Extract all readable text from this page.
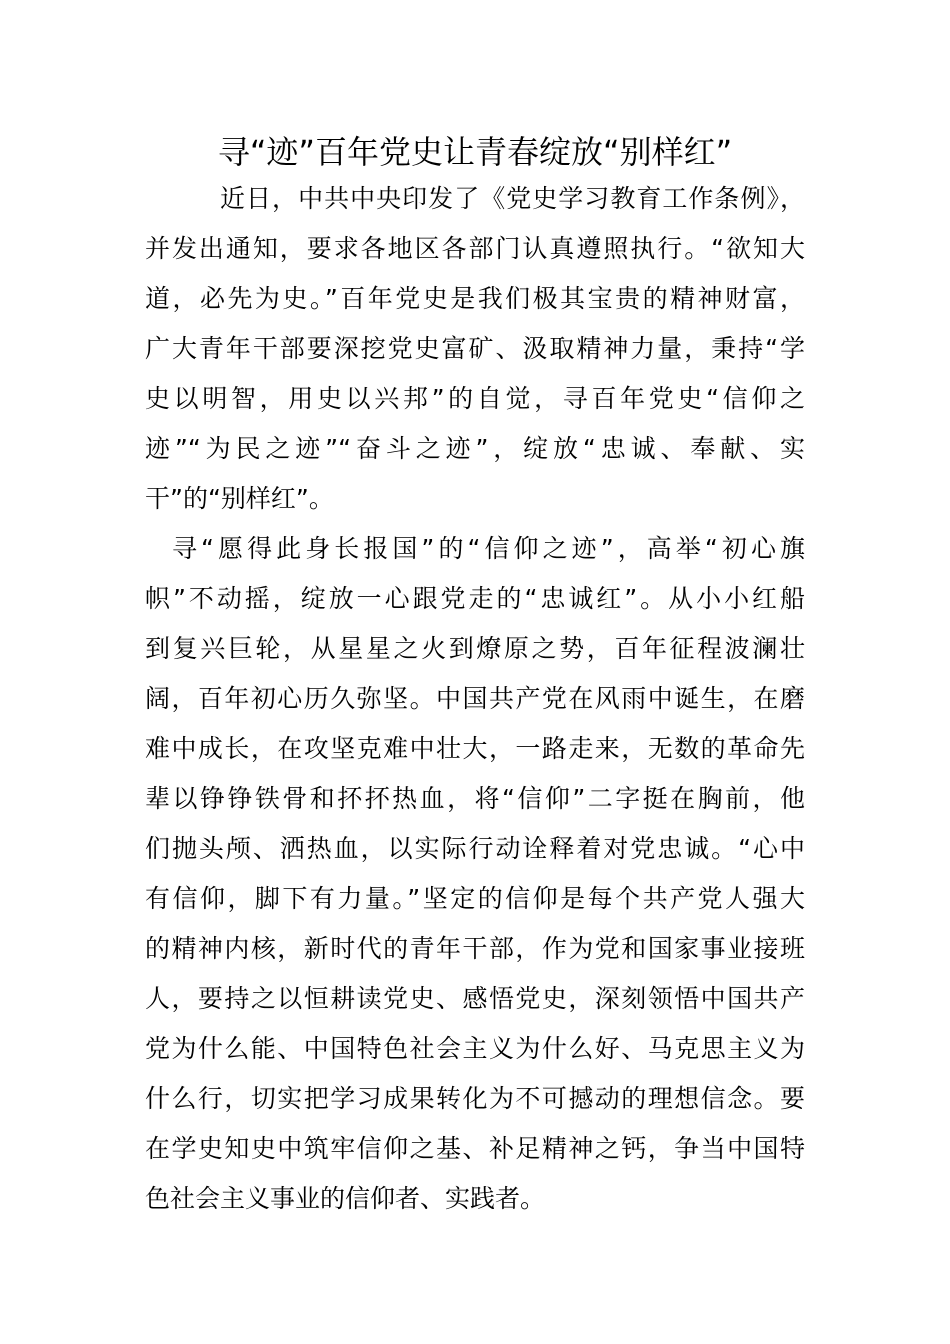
寻“迹”百年党史让青春绽放“别样红”

近日，中共中央印发了《党史学习教育工作条例》，

并发出通知，要求各地区各部门认真遵照执行。“欲知大

道，必先为史。”百年党史是我们极其宝贵的精神财富，

广大青年干部要深挖党史富矿、汲取精神力量，秉持“学

史以明智，用史以兴邦”的自觉，寻百年党史“信仰之

迹”“为民之迹”“奋斗之迹”，绽放“忠诚、奉献、实

干”的“别样红”。

寻“愿得此身长报国”的“信仰之迹”，高举“初心旗

帜”不动摇，绽放一心跟党走的“忠诚红”。从小小红船

到复兴巨轮，从星星之火到燎原之势，百年征程波澜壮

阔，百年初心历久弥坚。中国共产党在风雨中诞生，在磨

难中成长，在攻坚克难中壮大，一路走来，无数的革命先

辈以铮铮铁骨和抔抔热血，将“信仰”二字挺在胸前，他

们抛头颅、洒热血，以实际行动诠释着对党忠诚。“心中

有信仰，脚下有力量。”坚定的信仰是每个共产党人强大

的精神内核，新时代的青年干部，作为党和国家事业接班

人，要持之以恒耕读党史、感悟党史，深刻领悟中国共产

党为什么能、中国特色社会主义为什么好、马克思主义为

什么行，切实把学习成果转化为不可撼动的理想信念。要

在学史知史中筑牢信仰之基、补足精神之钙，争当中国特

色社会主义事业的信仰者、实践者。
